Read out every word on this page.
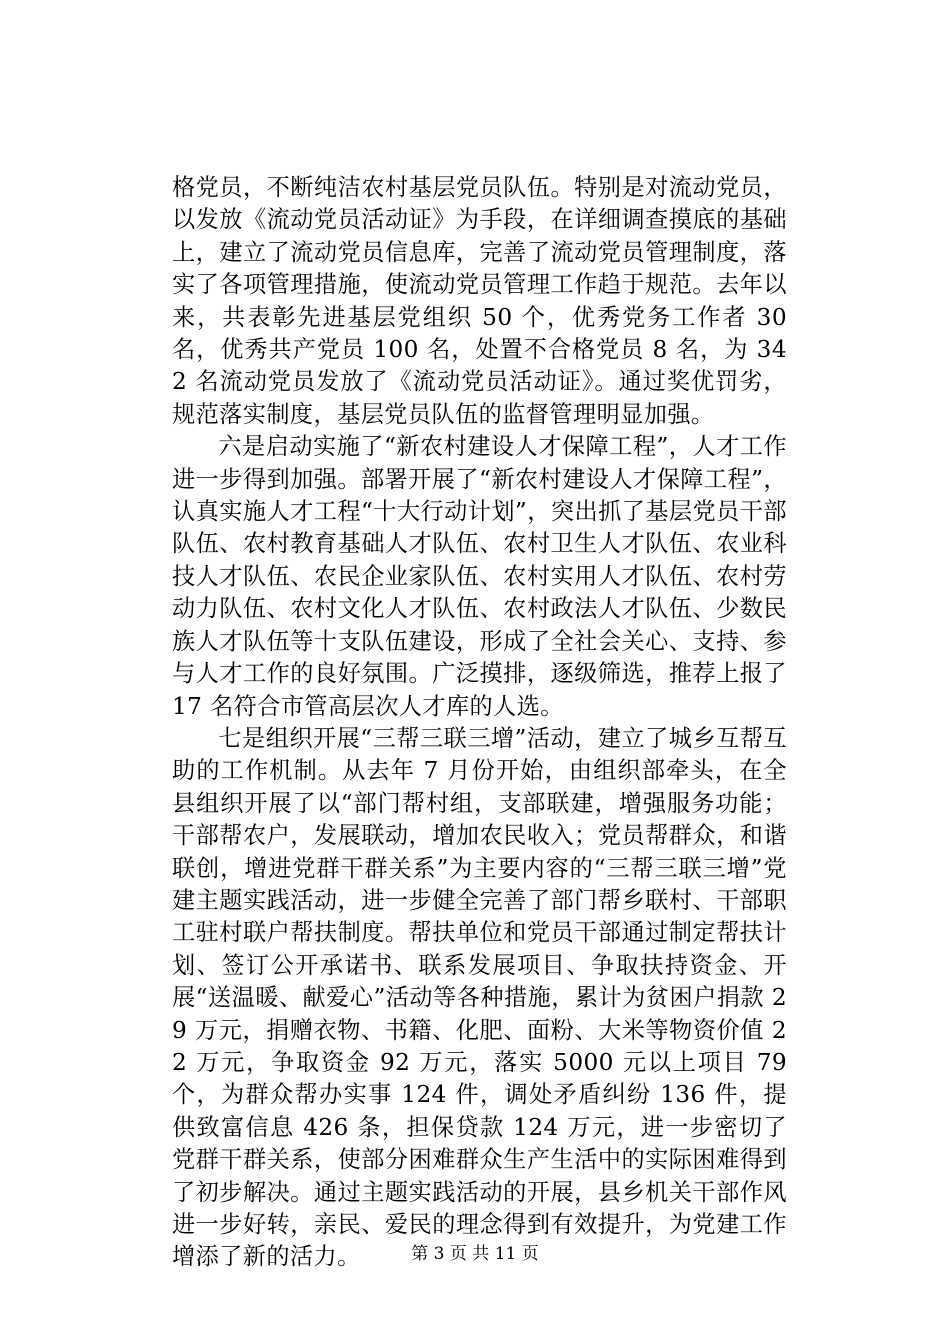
格党员，不断纯洁农村基层党员队伍。特别是对流动党员，以发放《流动党员活动证》为手段，在详细调查摸底的基础上，建立了流动党员信息库，完善了流动党员管理制度，落实了各项管理措施，使流动党员管理工作趋于规范。去年以来，共表彰先进基层党组织 50 个，优秀党务工作者 30 名，优秀共产党员 100 名，处置不合格党员 8 名，为 342 名流动党员发放了《流动党员活动证》。通过奖优罚劣，规范落实制度，基层党员队伍的监督管理明显加强。

六是启动实施了“新农村建设人才保障工程”，人才工作进一步得到加强。部署开展了“新农村建设人才保障工程”，认真实施人才工程“十大行动计划”，突出抓了基层党员干部队伍、农村教育基础人才队伍、农村卫生人才队伍、农业科技人才队伍、农民企业家队伍、农村实用人才队伍、农村劳动力队伍、农村文化人才队伍、农村政法人才队伍、少数民族人才队伍等十支队伍建设，形成了全社会关心、支持、参与人才工作的良好氛围。广泛摸排，逐级筛选，推荐上报了 17 名符合市管高层次人才库的人选。

七是组织开展“三帮三联三增”活动，建立了城乡互帮互助的工作机制。从去年 7 月份开始，由组织部牵头，在全县组织开展了以“部门帮村组，支部联建，增强服务功能；干部帮农户，发展联动，增加农民收入；党员帮群众，和谐联创，增进党群干群关系”为主要内容的“三帮三联三增”党建主题实践活动，进一步健全完善了部门帮乡联村、干部职工驻村联户帮扶制度。帮扶单位和党员干部通过制定帮扶计划、签订公开承诺书、联系发展项目、争取扶持资金、开展“送温暖、献爱心”活动等各种措施，累计为贫困户捐款 29 万元，捐赠衣物、书籍、化肥、面粉、大米等物资价值 22 万元，争取资金 92 万元，落实 5000 元以上项目 79 个，为群众帮办实事 124 件，调处矛盾纠纷 136 件，提供致富信息 426 条，担保贷款 124 万元，进一步密切了党群干群关系，使部分困难群众生产生活中的实际困难得到了初步解决。通过主题实践活动的开展，县乡机关干部作风进一步好转，亲民、爱民的理念得到有效提升，为党建工作增添了新的活力。	第 3 页 共 11 页
